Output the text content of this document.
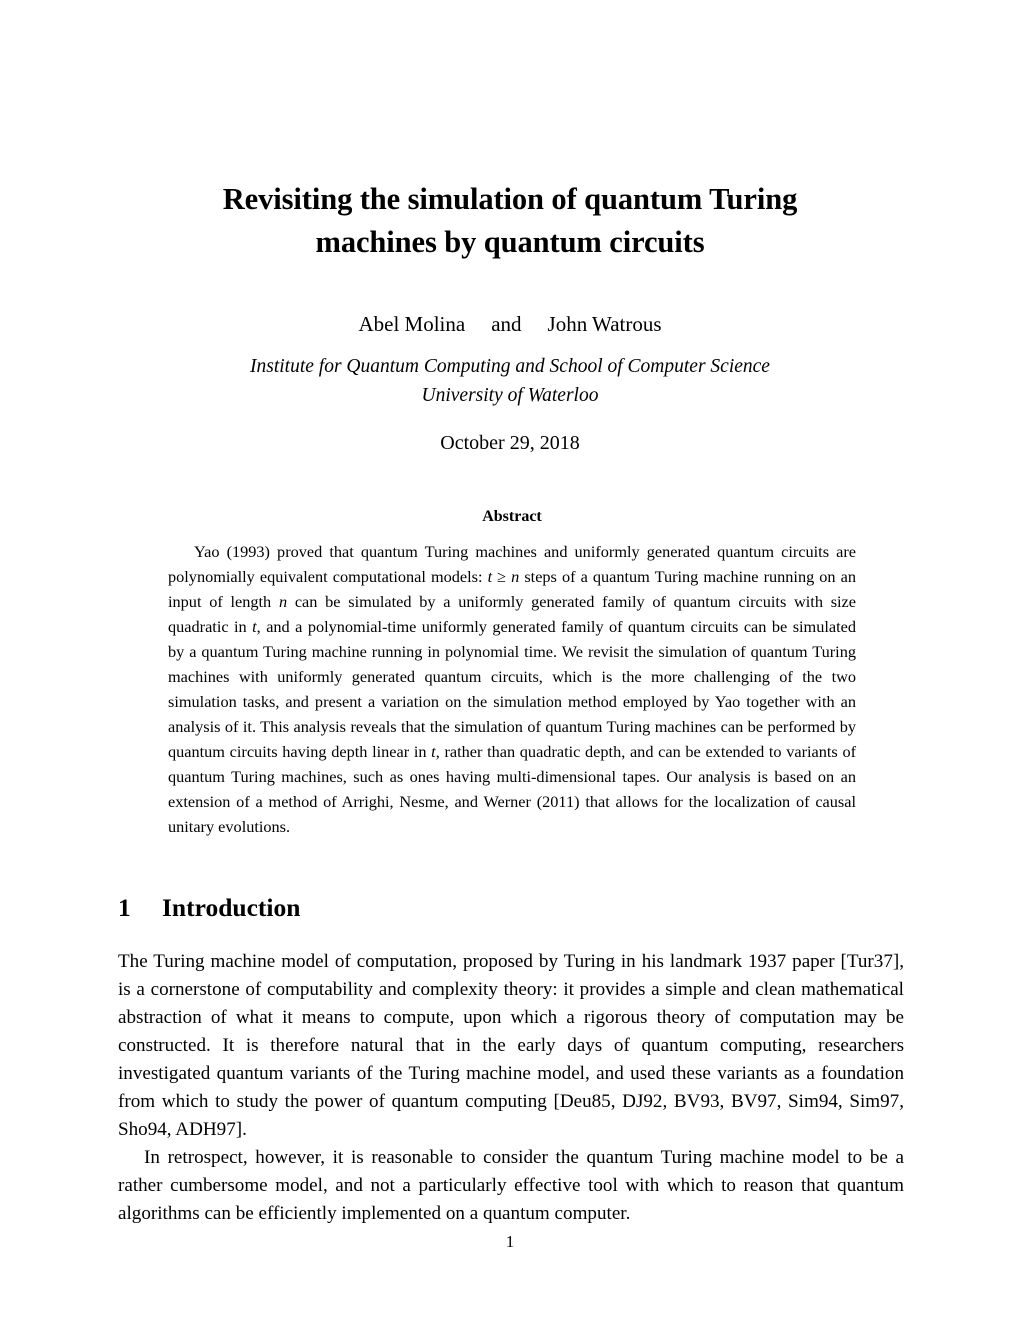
Revisiting the simulation of quantum Turing
machines by quantum circuits
Abel Molina and John Watrous
Institute for Quantum Computing and School of Computer Science
University of Waterloo
October 29, 2018
Abstract

Yao (1993) proved that quantum Turing machines and uniformly generated quantum circuits are polynomially equivalent computational models: t ≥ n steps of a quantum Turing machine running on an input of length n can be simulated by a uniformly generated family of quantum circuits with size quadratic in t, and a polynomial-time uniformly generated family of quantum circuits can be simulated by a quantum Turing machine running in polynomial time. We revisit the simulation of quantum Turing machines with uniformly generated quantum circuits, which is the more challenging of the two simulation tasks, and present a variation on the simulation method employed by Yao together with an analysis of it. This analysis reveals that the simulation of quantum Turing machines can be performed by quantum circuits having depth linear in t, rather than quadratic depth, and can be extended to variants of quantum Turing machines, such as ones having multi-dimensional tapes. Our analysis is based on an extension of a method of Arrighi, Nesme, and Werner (2011) that allows for the localization of causal unitary evolutions.

1 Introduction

The Turing machine model of computation, proposed by Turing in his landmark 1937 paper [Tur37], is a cornerstone of computability and complexity theory: it provides a simple and clean mathematical abstraction of what it means to compute, upon which a rigorous theory of computation may be constructed. It is therefore natural that in the early days of quantum computing, researchers investigated quantum variants of the Turing machine model, and used these variants as a foundation from which to study the power of quantum computing [Deu85, DJ92, BV93, BV97, Sim94, Sim97, Sho94, ADH97].

In retrospect, however, it is reasonable to consider the quantum Turing machine model to be a rather cumbersome model, and not a particularly effective tool with which to reason that quantum algorithms can be efficiently implemented on a quantum computer.

1
